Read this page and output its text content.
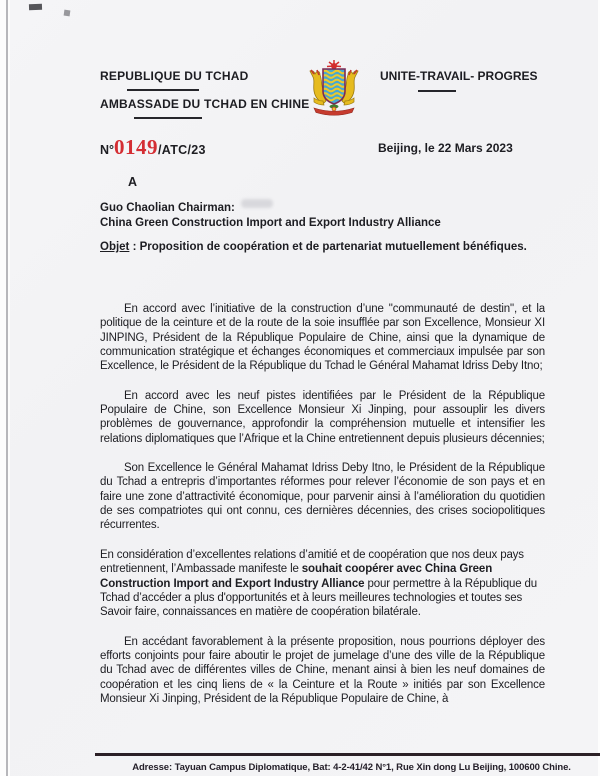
REPUBLIQUE DU TCHAD
AMBASSADE DU TCHAD EN CHINE
UNITE-TRAVAIL- PROGRES
N° 0149 /ATC/23	Beijing, le 22 Mars 2023
A
Guo Chaolian Chairman:
China Green Construction Import and Export Industry Alliance
Objet : Proposition de coopération et de partenariat mutuellement bénéfiques.

En accord avec l’initiative de la construction d’une "communauté de destin", et la politique de la ceinture et de la route de la soie insufflée par son Excellence, Monsieur XI JINPING, Président de la République Populaire de Chine, ainsi que la dynamique de communication stratégique et échanges économiques et commerciaux impulsée par son Excellence, le Président de la République du Tchad le Général Mahamat Idriss Deby Itno;

En accord avec les neuf pistes identifiées par le Président de la République Populaire de Chine, son Excellence Monsieur Xi Jinping, pour assouplir les divers problèmes de gouvernance, approfondir la compréhension mutuelle et intensifier les relations diplomatiques que l’Afrique et la Chine entretiennent depuis plusieurs décennies;

Son Excellence le Général Mahamat Idriss Deby Itno, le Président de la République du Tchad a entrepris d’importantes réformes pour relever l’économie de son pays et en faire une zone d’attractivité économique, pour parvenir ainsi à l’amélioration du quotidien de ses compatriotes qui ont connu, ces dernières décennies, des crises sociopolitiques récurrentes.

En considération d’excellentes relations d’amitié et de coopération que nos deux pays entretiennent, l’Ambassade manifeste le souhait coopérer avec China Green Construction Import and Export Industry Alliance pour permettre à la République du Tchad d’accéder a plus d'opportunités et à leurs meilleures technologies et toutes ses Savoir faire, connaissances en matière de coopération bilatérale.

En accédant favorablement à la présente proposition, nous pourrions déployer des efforts conjoints pour faire aboutir le projet de jumelage d’une des ville de la République du Tchad avec de différentes villes de Chine, menant ainsi à bien les neuf domaines de coopération et les cinq liens de « la Ceinture et la Route » initiés par son Excellence Monsieur Xi Jinping, Président de la République Populaire de Chine, à

Adresse: Tayuan Campus Diplomatique, Bat: 4-2-41/42 N°1, Rue Xin dong Lu Beijing, 100600 Chine.
